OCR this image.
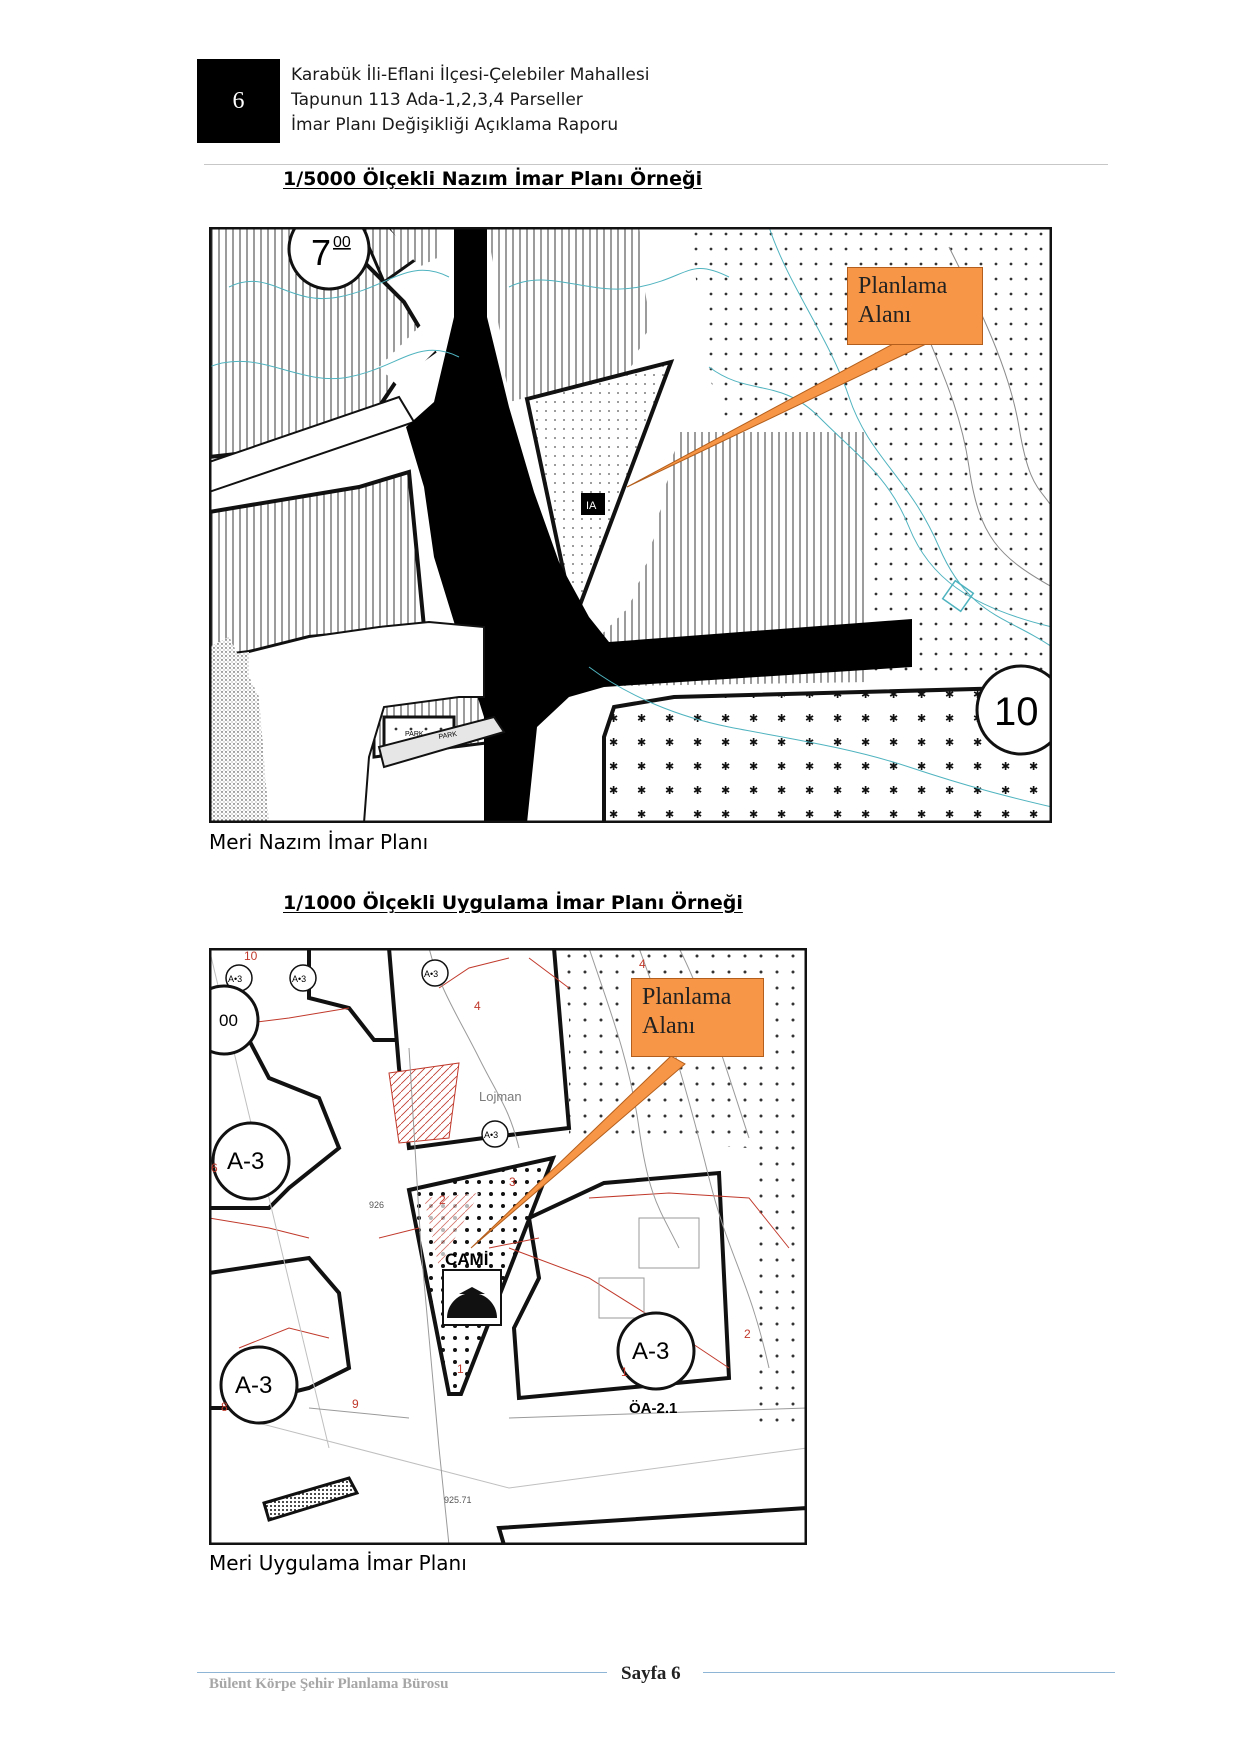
6
Karabük İli-Eflani İlçesi-Çelebiler Mahallesi
Tapunun 113 Ada-1,2,3,4 Parseller
İmar Planı Değişikliği Açıklama Raporu
1/5000 Ölçekli Nazım İmar Planı Örneği
IA
PARK PARK
7 00
10
Planlama
Alanı
Meri Nazım İmar Planı
1/1000 Ölçekli Uygulama İmar Planı Örneği
CAMİ
A•3	A•3	A•3
A•3
00
A-3
A-3
A-3
ÖA-2.1
Lojman
925.71
926
10
4
4
3
2
2
1	1
6
8	9
Planlama
Alanı
Meri Uygulama İmar Planı
Bülent Körpe Şehir Planlama Bürosu	Sayfa 6
